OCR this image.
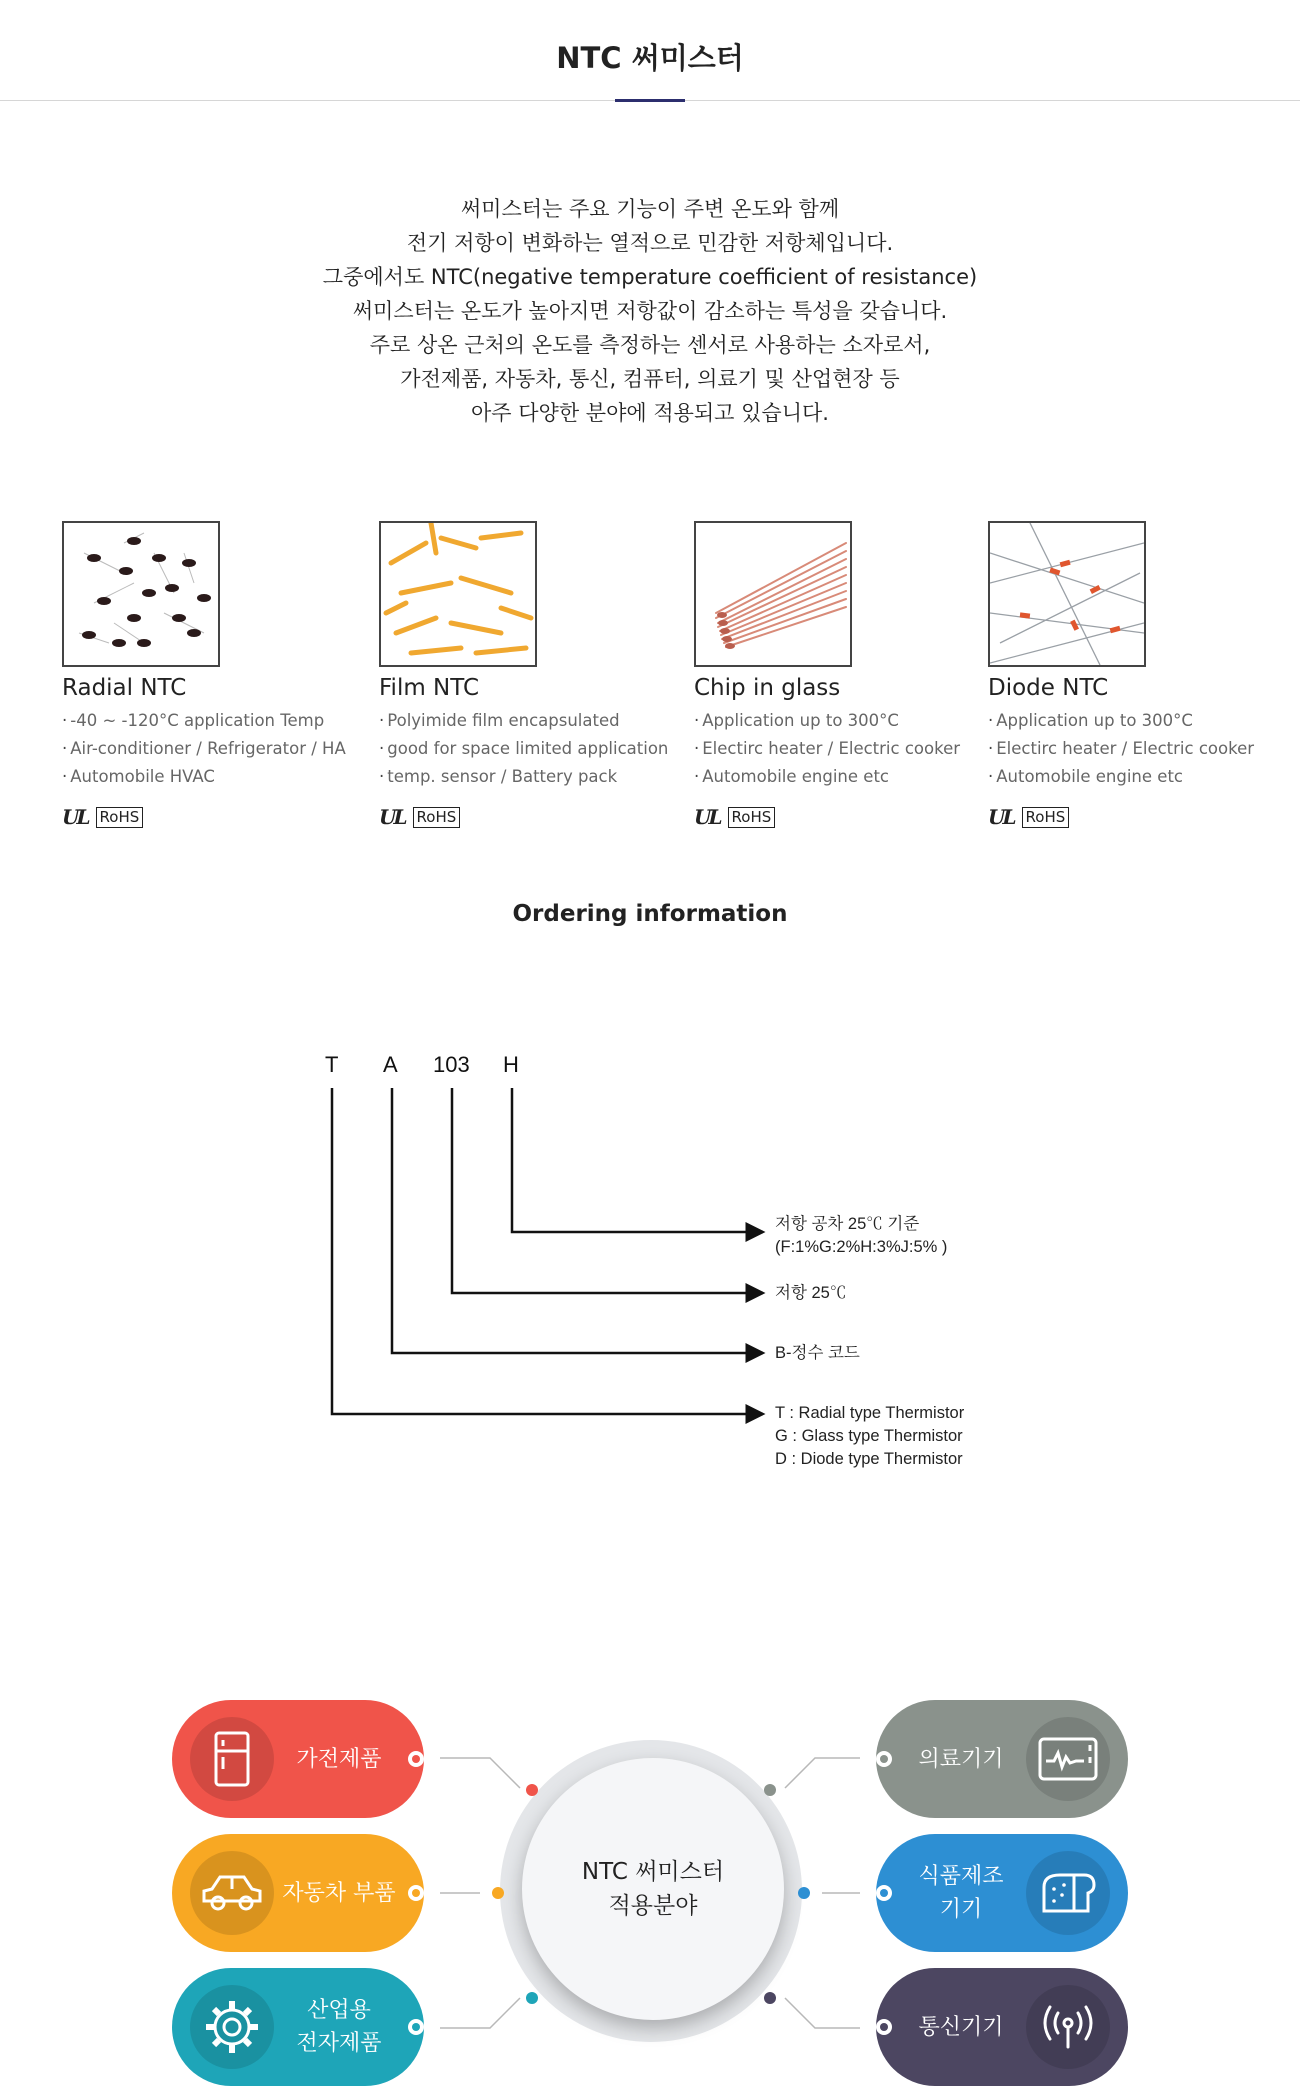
NTC 써미스터

써미스터는 주요 기능이 주변 온도와 함께

전기 저항이 변화하는 열적으로 민감한 저항체입니다.

그중에서도 NTC(negative temperature coefficient of resistance)

써미스터는 온도가 높아지면 저항값이 감소하는 특성을 갖습니다.

주로 상온 근처의 온도를 측정하는 센서로 사용하는 소자로서,

가전제품, 자동차, 통신, 컴퓨터, 의료기 및 산업현장 등

아주 다양한 분야에 적용되고 있습니다.

Radial NTC
· -40 ~ -120°C application Temp
· Air-conditioner / Refrigerator / HA
· Automobile HVAC
UL RoHS
Film NTC
· Polyimide film encapsulated
· good for space limited application
· temp. sensor / Battery pack
UL RoHS
Chip in glass
· Application up to 300°C
· Electirc heater / Electric cooker
· Automobile engine etc
UL RoHS
Diode NTC
· Application up to 300°C
· Electirc heater / Electric cooker
· Automobile engine etc
UL RoHS
Ordering information
T A 103 H
저항 공차 25℃ 기준
(F:1%G:2%H:3%J:5% )
저항 25℃
B-정수 코드
T : Radial type Thermistor
G : Glass type Thermistor
D : Diode type Thermistor
NTC 써미스터
적용분야
가전제품
자동차 부품
산업용
전자제품
의료기기
식품제조
기기
통신기기
